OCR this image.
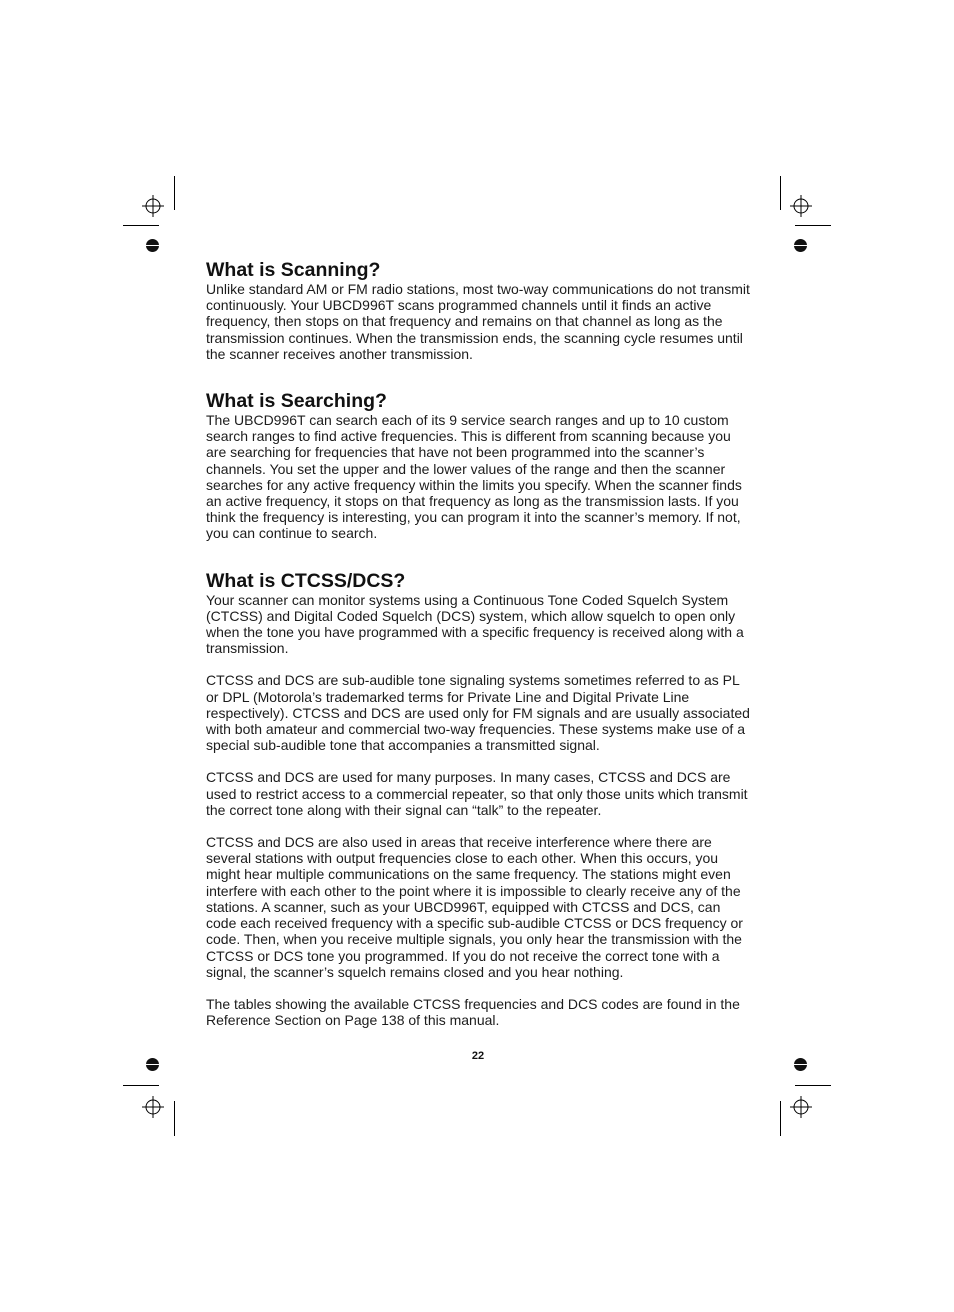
What is Scanning?

Unlike standard AM or FM radio stations, most two-way communications do not transmit continuously. Your UBCD996T scans programmed channels until it finds an active frequency, then stops on that frequency and remains on that channel as long as the transmission continues. When the transmission ends, the scanning cycle resumes until the scanner receives another transmission.

What is Searching?

The UBCD996T can search each of its 9 service search ranges and up to 10 custom search ranges to find active frequencies. This is different from scanning because you are searching for frequencies that have not been programmed into the scanner’s channels. You set the upper and the lower values of the range and then the scanner searches for any active frequency within the limits you specify. When the scanner finds an active frequency, it stops on that frequency as long as the transmission lasts. If you think the frequency is interesting, you can program it into the scanner’s memory. If not, you can continue to search.

What is CTCSS/DCS?

Your scanner can monitor systems using a Continuous Tone Coded Squelch System (CTCSS) and Digital Coded Squelch (DCS) system, which allow squelch to open only when the tone you have programmed with a specific frequency is received along with a transmission.

CTCSS and DCS are sub-audible tone signaling systems sometimes referred to as PL or DPL (Motorola’s trademarked terms for Private Line and Digital Private Line respectively). CTCSS and DCS are used only for FM signals and are usually associated with both amateur and commercial two-way frequencies. These systems make use of a special sub-audible tone that accompanies a transmitted signal.

CTCSS and DCS are used for many purposes. In many cases, CTCSS and DCS are used to restrict access to a commercial repeater, so that only those units which transmit the correct tone along with their signal can “talk” to the repeater.

CTCSS and DCS are also used in areas that receive interference where there are several stations with output frequencies close to each other. When this occurs, you might hear multiple communications on the same frequency. The stations might even interfere with each other to the point where it is impossible to clearly receive any of the stations. A scanner, such as your UBCD996T, equipped with CTCSS and DCS, can code each received frequency with a specific sub-audible CTCSS or DCS frequency or code. Then, when you receive multiple signals, you only hear the transmission with the CTCSS or DCS tone you programmed. If you do not receive the correct tone with a signal, the scanner’s squelch remains closed and you hear nothing.

The tables showing the available CTCSS frequencies and DCS codes are found in the Reference Section on Page 138 of this manual.

22
